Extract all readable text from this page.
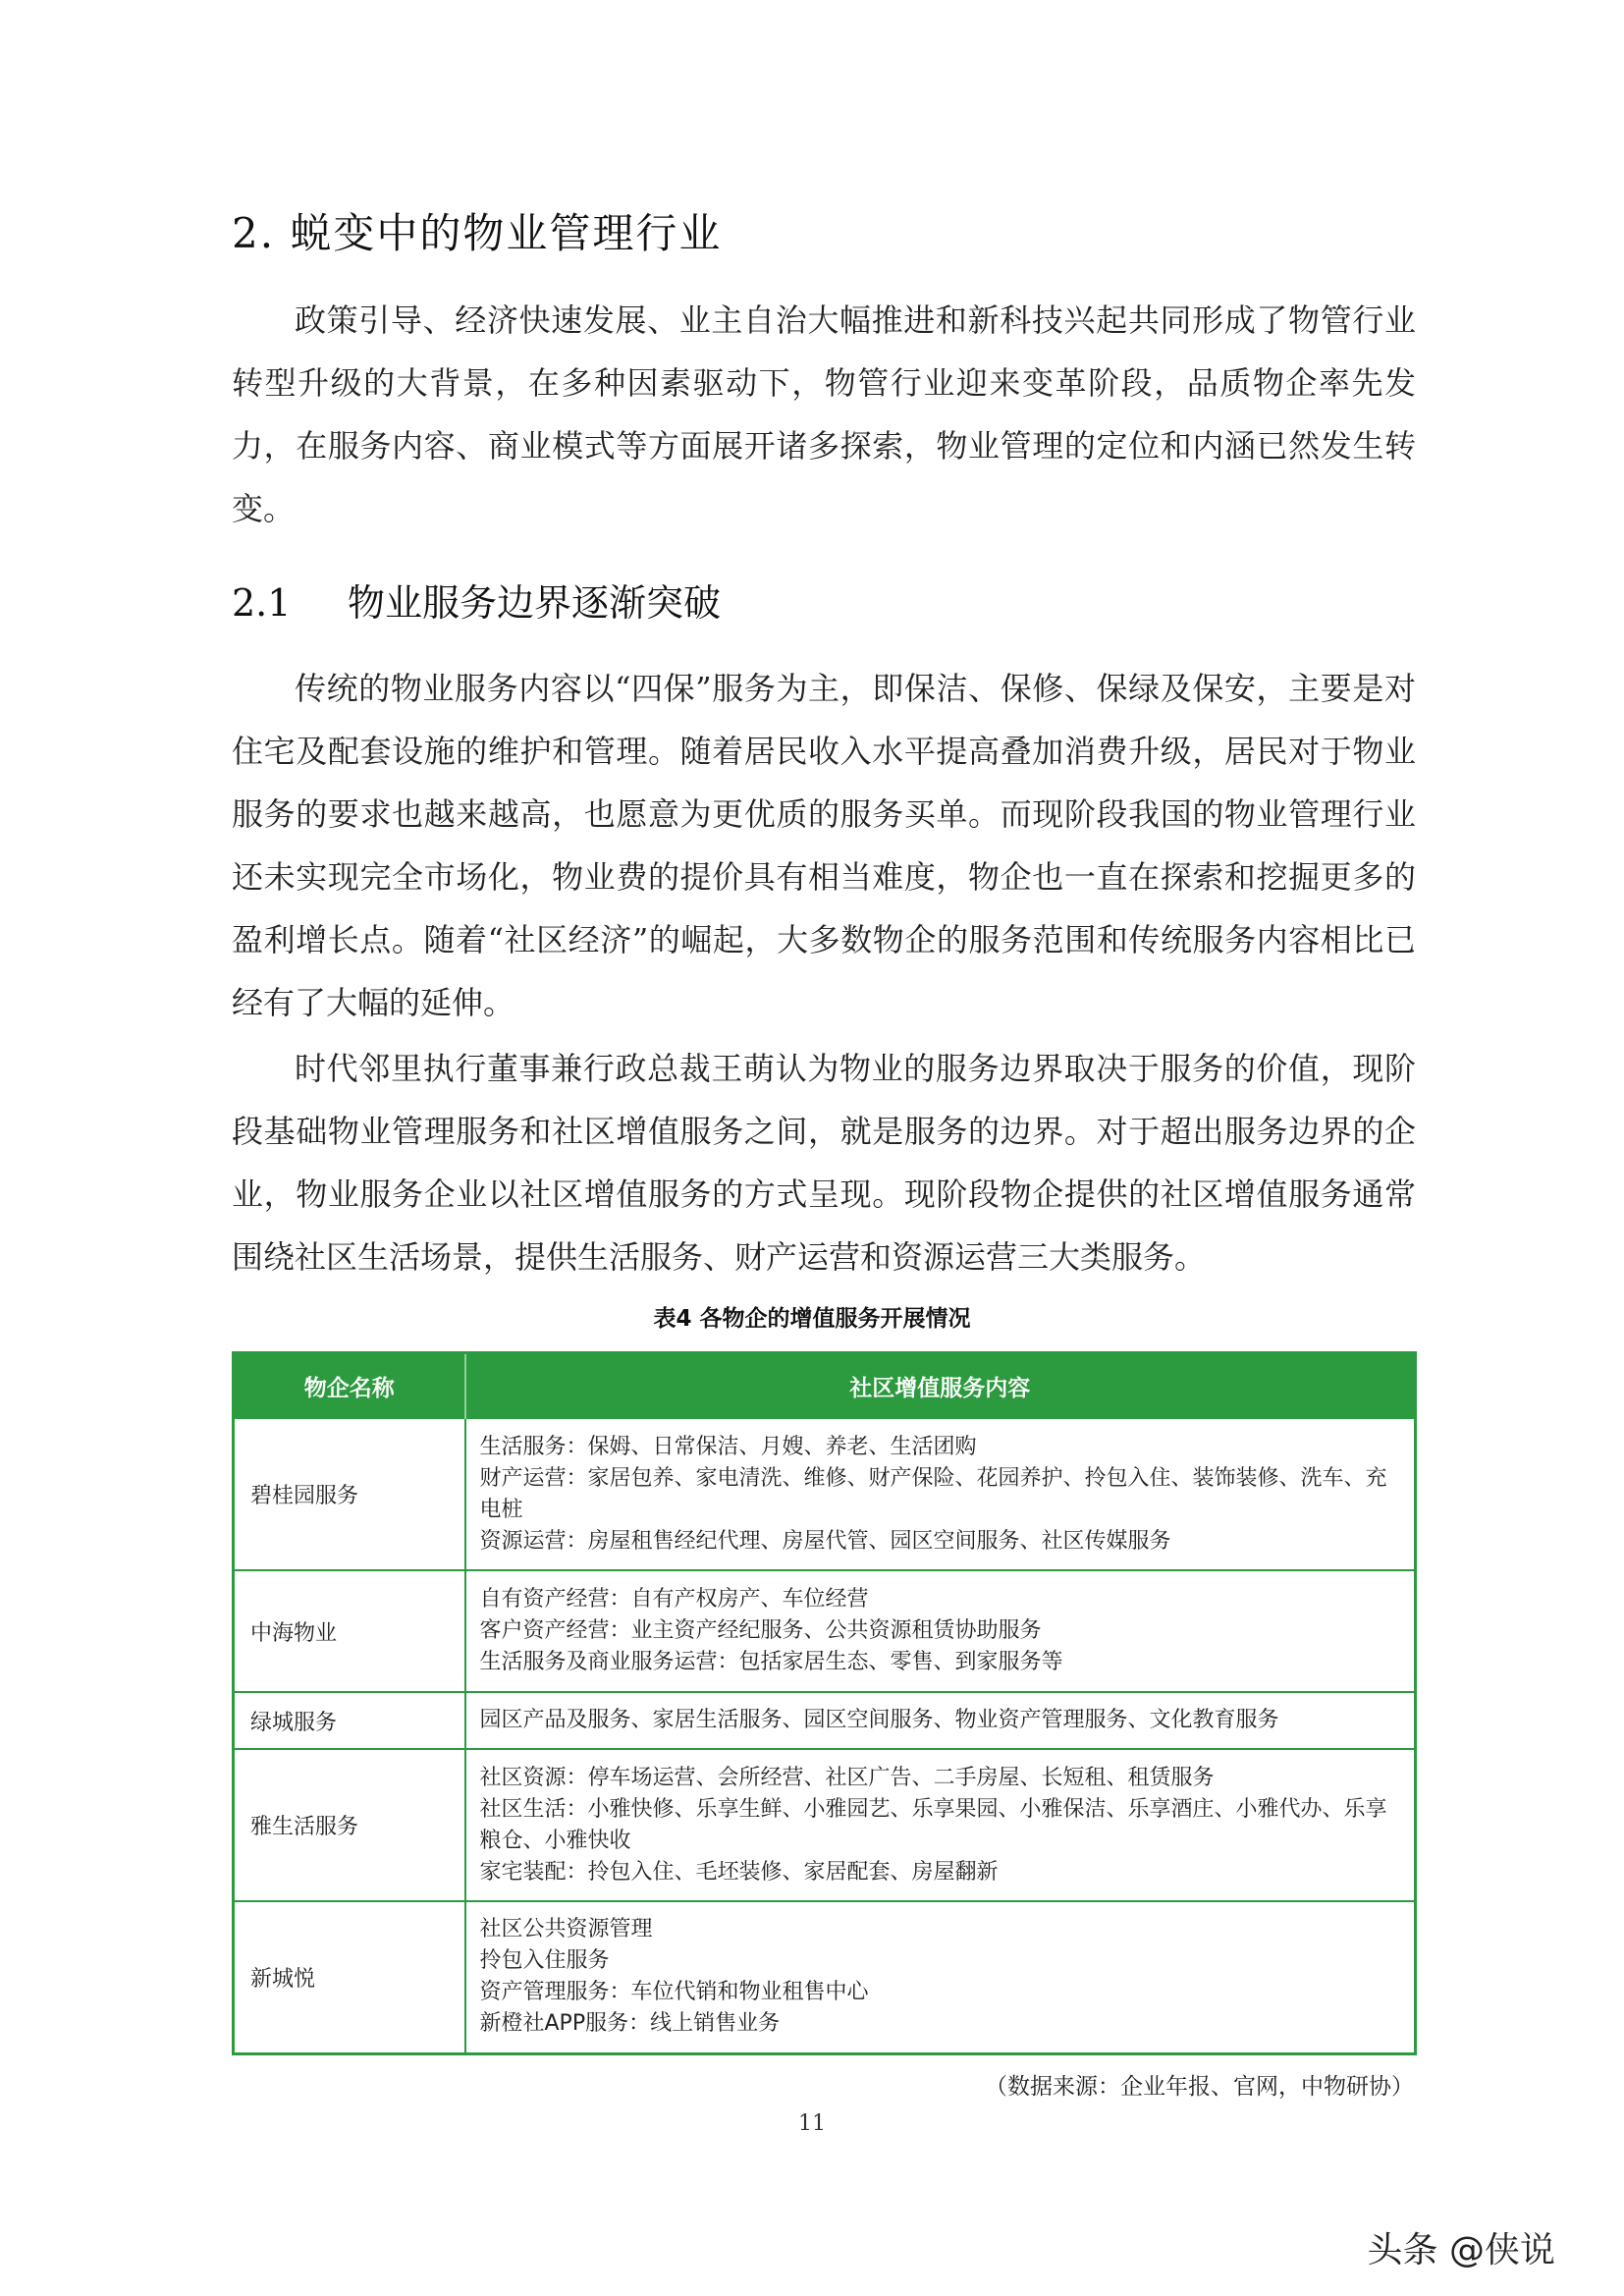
2. 蜕变中的物业管理行业

政策引导、经济快速发展、业主自治大幅推进和新科技兴起共同形成了物管行业转型升级的大背景，在多种因素驱动下，物管行业迎来变革阶段，品质物企率先发力，在服务内容、商业模式等方面展开诸多探索，物业管理的定位和内涵已然发生转变。

2.1 物业服务边界逐渐突破

传统的物业服务内容以“四保”服务为主，即保洁、保修、保绿及保安，主要是对住宅及配套设施的维护和管理。随着居民收入水平提高叠加消费升级，居民对于物业服务的要求也越来越高，也愿意为更优质的服务买单。而现阶段我国的物业管理行业还未实现完全市场化，物业费的提价具有相当难度，物企也一直在探索和挖掘更多的盈利增长点。随着“社区经济”的崛起，大多数物企的服务范围和传统服务内容相比已经有了大幅的延伸。

时代邻里执行董事兼行政总裁王萌认为物业的服务边界取决于服务的价值，现阶段基础物业管理服务和社区增值服务之间，就是服务的边界。对于超出服务边界的企业，物业服务企业以社区增值服务的方式呈现。现阶段物企提供的社区增值服务通常围绕社区生活场景，提供生活服务、财产运营和资源运营三大类服务。

表4 各物企的增值服务开展情况
物企名称	社区增值服务内容
碧桂园服务	生活服务：保姆、日常保洁、月嫂、养老、生活团购
财产运营：家居包养、家电清洗、维修、财产保险、花园养护、拎包入住、装饰装修、洗车、充电桩
资源运营：房屋租售经纪代理、房屋代管、园区空间服务、社区传媒服务

中海物业	自有资产经营：自有产权房产、车位经营
客户资产经营：业主资产经纪服务、公共资源租赁协助服务
生活服务及商业服务运营：包括家居生态、零售、到家服务等

绿城服务	园区产品及服务、家居生活服务、园区空间服务、物业资产管理服务、文化教育服务

雅生活服务	社区资源：停车场运营、会所经营、社区广告、二手房屋、长短租、租赁服务
社区生活：小雅快修、乐享生鲜、小雅园艺、乐享果园、小雅保洁、乐享酒庄、小雅代办、乐享粮仓、小雅快收
家宅装配：拎包入住、毛坯装修、家居配套、房屋翻新

新城悦	社区公共资源管理
拎包入住服务
资产管理服务：车位代销和物业租售中心
新橙社APP服务：线上销售业务
（数据来源：企业年报、官网，中物研协）
11
头条 @侠说
